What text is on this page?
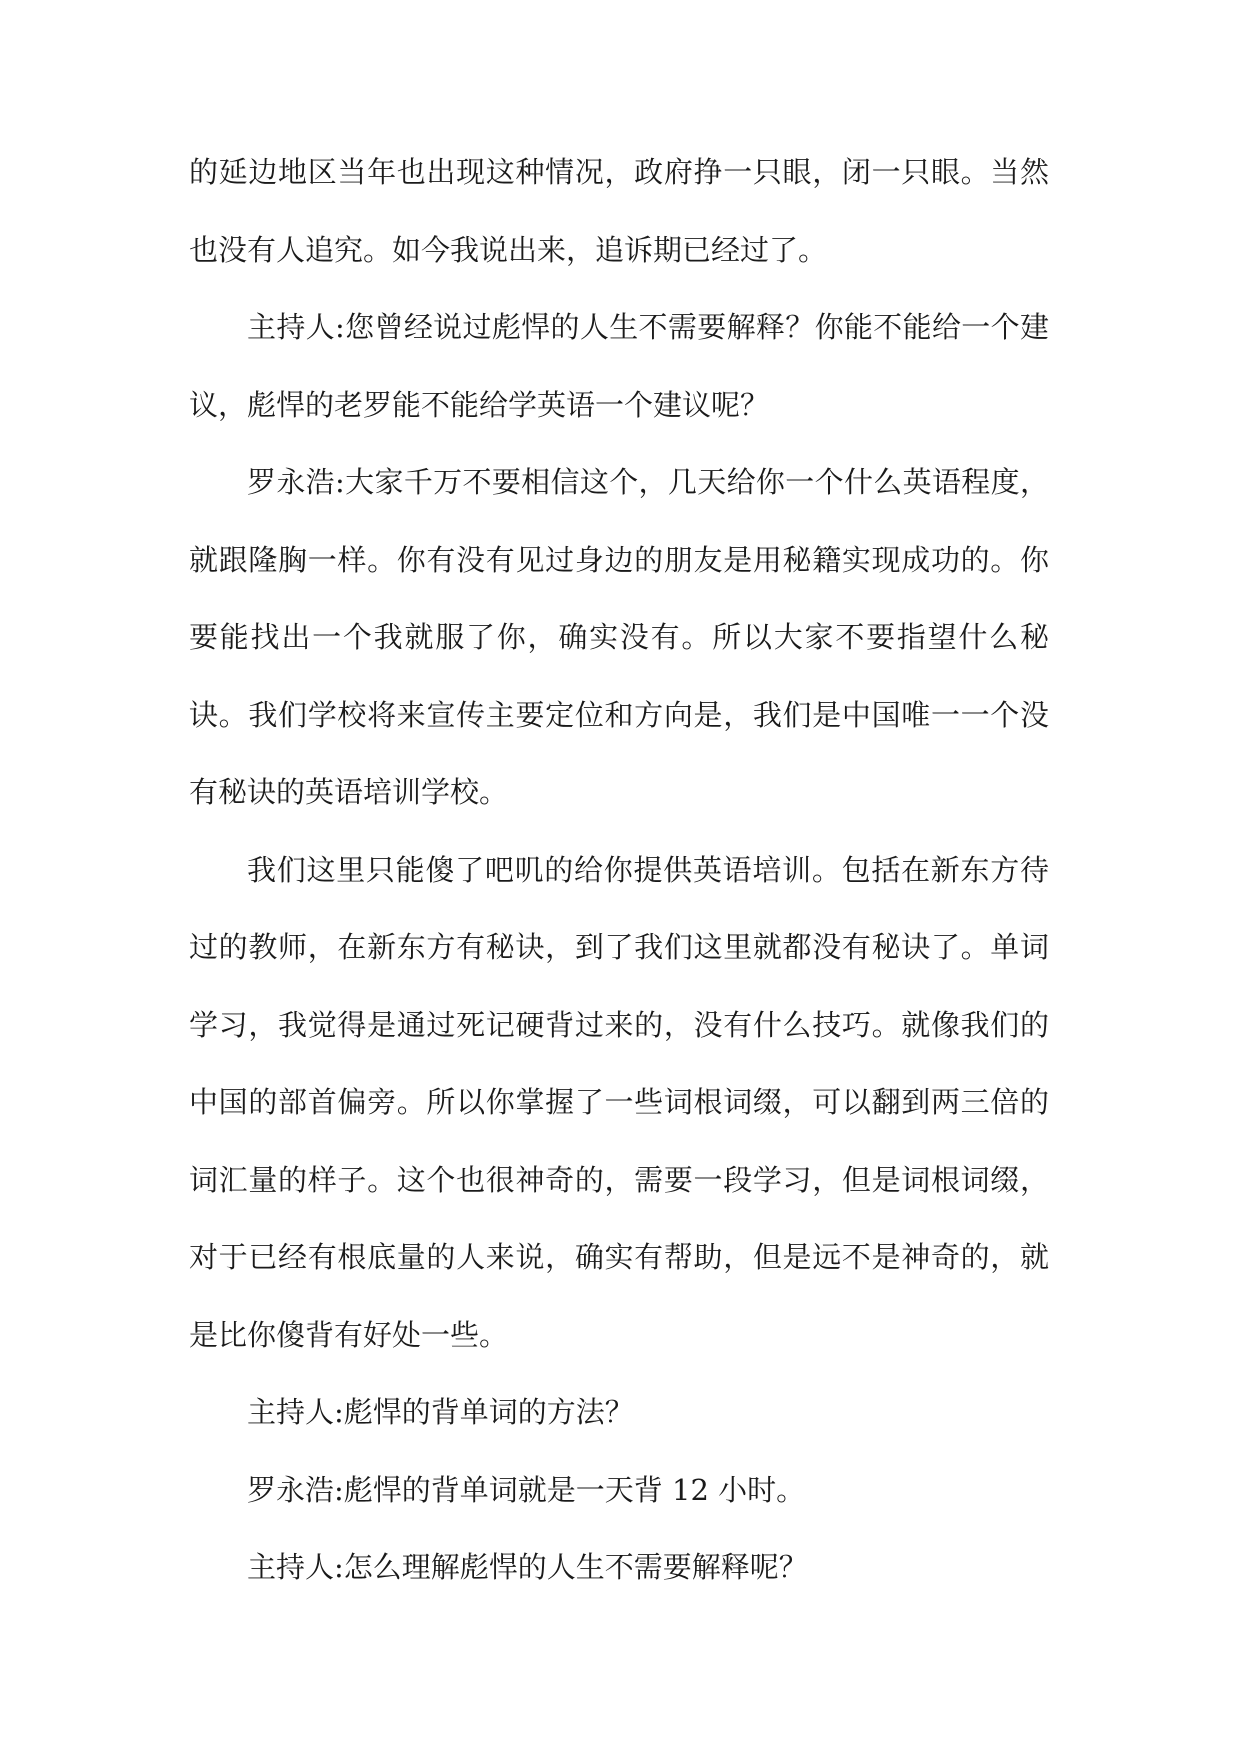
的延边地区当年也出现这种情况，政府挣一只眼，闭一只眼。当然也没有人追究。如今我说出来，追诉期已经过了。

主持人:您曾经说过彪悍的人生不需要解释？你能不能给一个建议，彪悍的老罗能不能给学英语一个建议呢？

罗永浩:大家千万不要相信这个，几天给你一个什么英语程度，就跟隆胸一样。你有没有见过身边的朋友是用秘籍实现成功的。你要能找出一个我就服了你，确实没有。所以大家不要指望什么秘诀。我们学校将来宣传主要定位和方向是，我们是中国唯一一个没有秘诀的英语培训学校。

我们这里只能傻了吧叽的给你提供英语培训。包括在新东方待过的教师，在新东方有秘诀，到了我们这里就都没有秘诀了。单词学习，我觉得是通过死记硬背过来的，没有什么技巧。就像我们的中国的部首偏旁。所以你掌握了一些词根词缀，可以翻到两三倍的词汇量的样子。这个也很神奇的，需要一段学习，但是词根词缀，对于已经有根底量的人来说，确实有帮助，但是远不是神奇的，就是比你傻背有好处一些。

主持人:彪悍的背单词的方法？

罗永浩:彪悍的背单词就是一天背 12 小时。

主持人:怎么理解彪悍的人生不需要解释呢？
